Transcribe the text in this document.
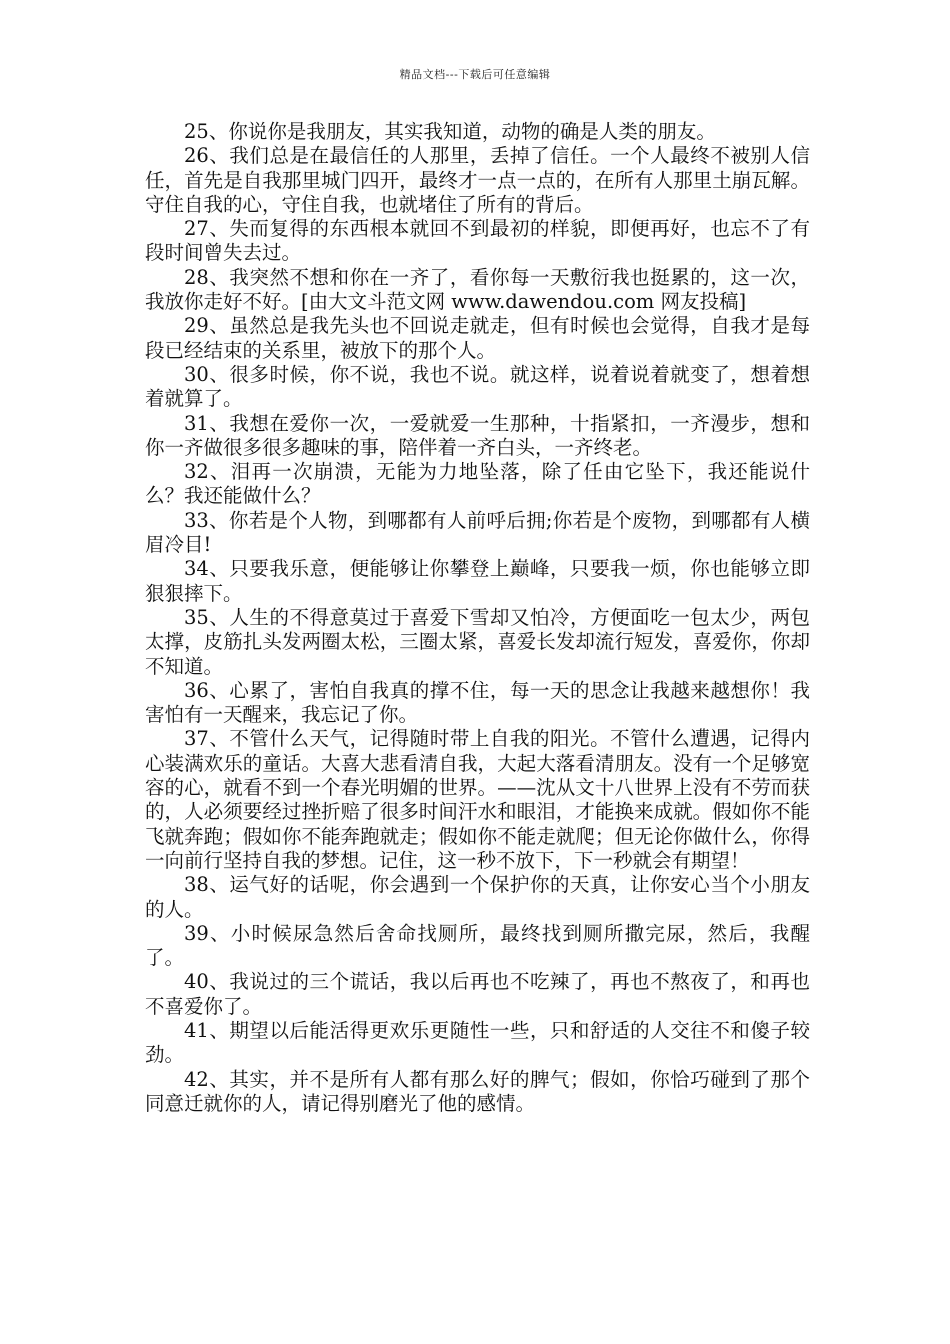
精品文档---下载后可任意编辑

25、你说你是我朋友，其实我知道，动物的确是人类的朋友。

26、我们总是在最信任的人那里，丢掉了信任。一个人最终不被别人信任，首先是自我那里城门四开，最终才一点一点的，在所有人那里土崩瓦解。守住自我的心，守住自我，也就堵住了所有的背后。

27、失而复得的东西根本就回不到最初的样貌，即便再好，也忘不了有段时间曾失去过。

28、我突然不想和你在一齐了，看你每一天敷衍我也挺累的，这一次，我放你走好不好。[由大文斗范文网 www.dawendou.com 网友投稿]

29、虽然总是我先头也不回说走就走，但有时候也会觉得，自我才是每段已经结束的关系里，被放下的那个人。

30、很多时候，你不说，我也不说。就这样，说着说着就变了，想着想着就算了。

31、我想在爱你一次，一爱就爱一生那种，十指紧扣，一齐漫步，想和你一齐做很多很多趣味的事，陪伴着一齐白头，一齐终老。

32、泪再一次崩溃，无能为力地坠落，除了任由它坠下，我还能说什么？我还能做什么？

33、你若是个人物，到哪都有人前呼后拥;你若是个废物，到哪都有人横眉冷目!

34、只要我乐意，便能够让你攀登上巅峰，只要我一烦，你也能够立即狠狠摔下。

35、人生的不得意莫过于喜爱下雪却又怕冷，方便面吃一包太少，两包太撑，皮筋扎头发两圈太松，三圈太紧，喜爱长发却流行短发，喜爱你，你却不知道。

36、心累了，害怕自我真的撑不住，每一天的思念让我越来越想你！我害怕有一天醒来，我忘记了你。

37、不管什么天气，记得随时带上自我的阳光。不管什么遭遇，记得内心装满欢乐的童话。大喜大悲看清自我，大起大落看清朋友。没有一个足够宽容的心，就看不到一个春光明媚的世界。——沈从文十八世界上没有不劳而获的，人必须要经过挫折赔了很多时间汗水和眼泪，才能换来成就。假如你不能飞就奔跑；假如你不能奔跑就走；假如你不能走就爬；但无论你做什么，你得一向前行坚持自我的梦想。记住，这一秒不放下，下一秒就会有期望！

38、运气好的话呢，你会遇到一个保护你的天真，让你安心当个小朋友的人。

39、小时候尿急然后舍命找厕所，最终找到厕所撒完尿，然后，我醒了。

40、我说过的三个谎话，我以后再也不吃辣了，再也不熬夜了，和再也不喜爱你了。

41、期望以后能活得更欢乐更随性一些，只和舒适的人交往不和傻子较劲。

42、其实，并不是所有人都有那么好的脾气；假如，你恰巧碰到了那个同意迁就你的人，请记得别磨光了他的感情。
